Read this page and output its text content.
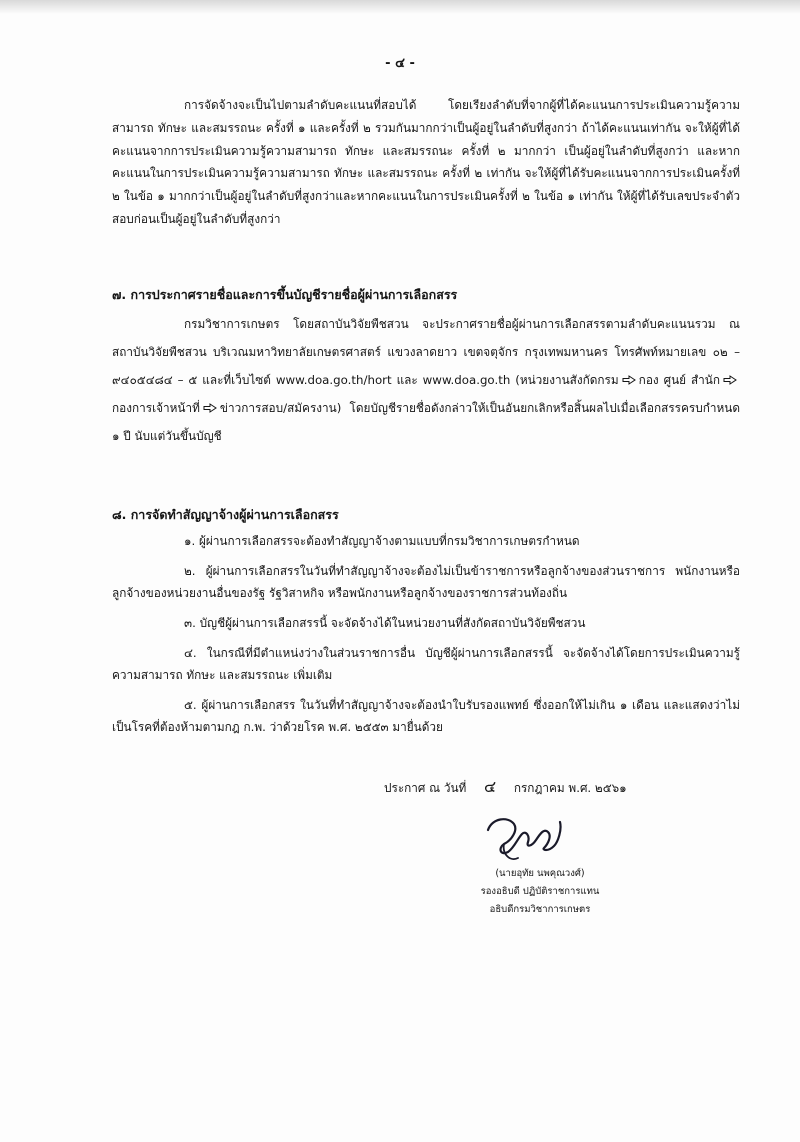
- ๔ -

การจัดจ้างจะเป็นไปตามลำดับคะแนนที่สอบได้ โดยเรียงลำดับที่จากผู้ที่ได้คะแนนการประเมินความรู้ความสามารถ ทักษะ และสมรรถนะ ครั้งที่ ๑ และครั้งที่ ๒ รวมกันมากกว่าเป็นผู้อยู่ในลำดับที่สูงกว่า ถ้าได้คะแนนเท่ากัน จะให้ผู้ที่ได้คะแนนจากการประเมินความรู้ความสามารถ ทักษะ และสมรรถนะ ครั้งที่ ๒ มากกว่า เป็นผู้อยู่ในลำดับที่สูงกว่า และหากคะแนนในการประเมินความรู้ความสามารถ ทักษะ และสมรรถนะ ครั้งที่ ๒ เท่ากัน จะให้ผู้ที่ได้รับคะแนนจากการประเมินครั้งที่ ๒ ในข้อ ๑ มากกว่าเป็นผู้อยู่ในลำดับที่สูงกว่าและหากคะแนนในการประเมินครั้งที่ ๒ ในข้อ ๑ เท่ากัน ให้ผู้ที่ได้รับเลขประจำตัวสอบก่อนเป็นผู้อยู่ในลำดับที่สูงกว่า

๗. การประกาศรายชื่อและการขึ้นบัญชีรายชื่อผู้ผ่านการเลือกสรร

กรมวิชาการเกษตร โดยสถาบันวิจัยพืชสวน จะประกาศรายชื่อผู้ผ่านการเลือกสรรตามลำดับคะแนนรวม ณ สถาบันวิจัยพืชสวน บริเวณมหาวิทยาลัยเกษตรศาสตร์ แขวงลาดยาว เขตจตุจักร กรุงเทพมหานคร โทรศัพท์หมายเลข ๐๒ – ๙๔๐๕๔๘๔ – ๕ และที่เว็บไซต์ www.doa.go.th/hort และ www.doa.go.th (หน่วยงานสังกัดกรม กอง ศูนย์ สำนัก
กองการเจ้าหน้าที่ ข่าวการสอบ/สมัครงาน) โดยบัญชีรายชื่อดังกล่าวให้เป็นอันยกเลิกหรือสิ้นผลไปเมื่อเลือกสรรครบกำหนด ๑ ปี นับแต่วันขึ้นบัญชี

๘. การจัดทำสัญญาจ้างผู้ผ่านการเลือกสรร

๑. ผู้ผ่านการเลือกสรรจะต้องทำสัญญาจ้างตามแบบที่กรมวิชาการเกษตรกำหนด

๒. ผู้ผ่านการเลือกสรรในวันที่ทำสัญญาจ้างจะต้องไม่เป็นข้าราชการหรือลูกจ้างของส่วนราชการ พนักงานหรือลูกจ้างของหน่วยงานอื่นของรัฐ รัฐวิสาหกิจ หรือพนักงานหรือลูกจ้างของราชการส่วนท้องถิ่น

๓. บัญชีผู้ผ่านการเลือกสรรนี้ จะจัดจ้างได้ในหน่วยงานที่สังกัดสถาบันวิจัยพืชสวน

๔. ในกรณีที่มีตำแหน่งว่างในส่วนราชการอื่น บัญชีผู้ผ่านการเลือกสรรนี้ จะจัดจ้างได้โดยการประเมินความรู้ความสามารถ ทักษะ และสมรรถนะ เพิ่มเติม

๕. ผู้ผ่านการเลือกสรร ในวันที่ทำสัญญาจ้างจะต้องนำใบรับรองแพทย์ ซึ่งออกให้ไม่เกิน ๑ เดือน และแสดงว่าไม่เป็นโรคที่ต้องห้ามตามกฎ ก.พ. ว่าด้วยโรค พ.ศ. ๒๕๕๓ มายื่นด้วย

ประกาศ ณ วันที่ ๔ กรกฎาคม พ.ศ. ๒๕๖๑
(นายอุทัย นพคุณวงศ์)
รองอธิบดี ปฏิบัติราชการแทน
อธิบดีกรมวิชาการเกษตร
